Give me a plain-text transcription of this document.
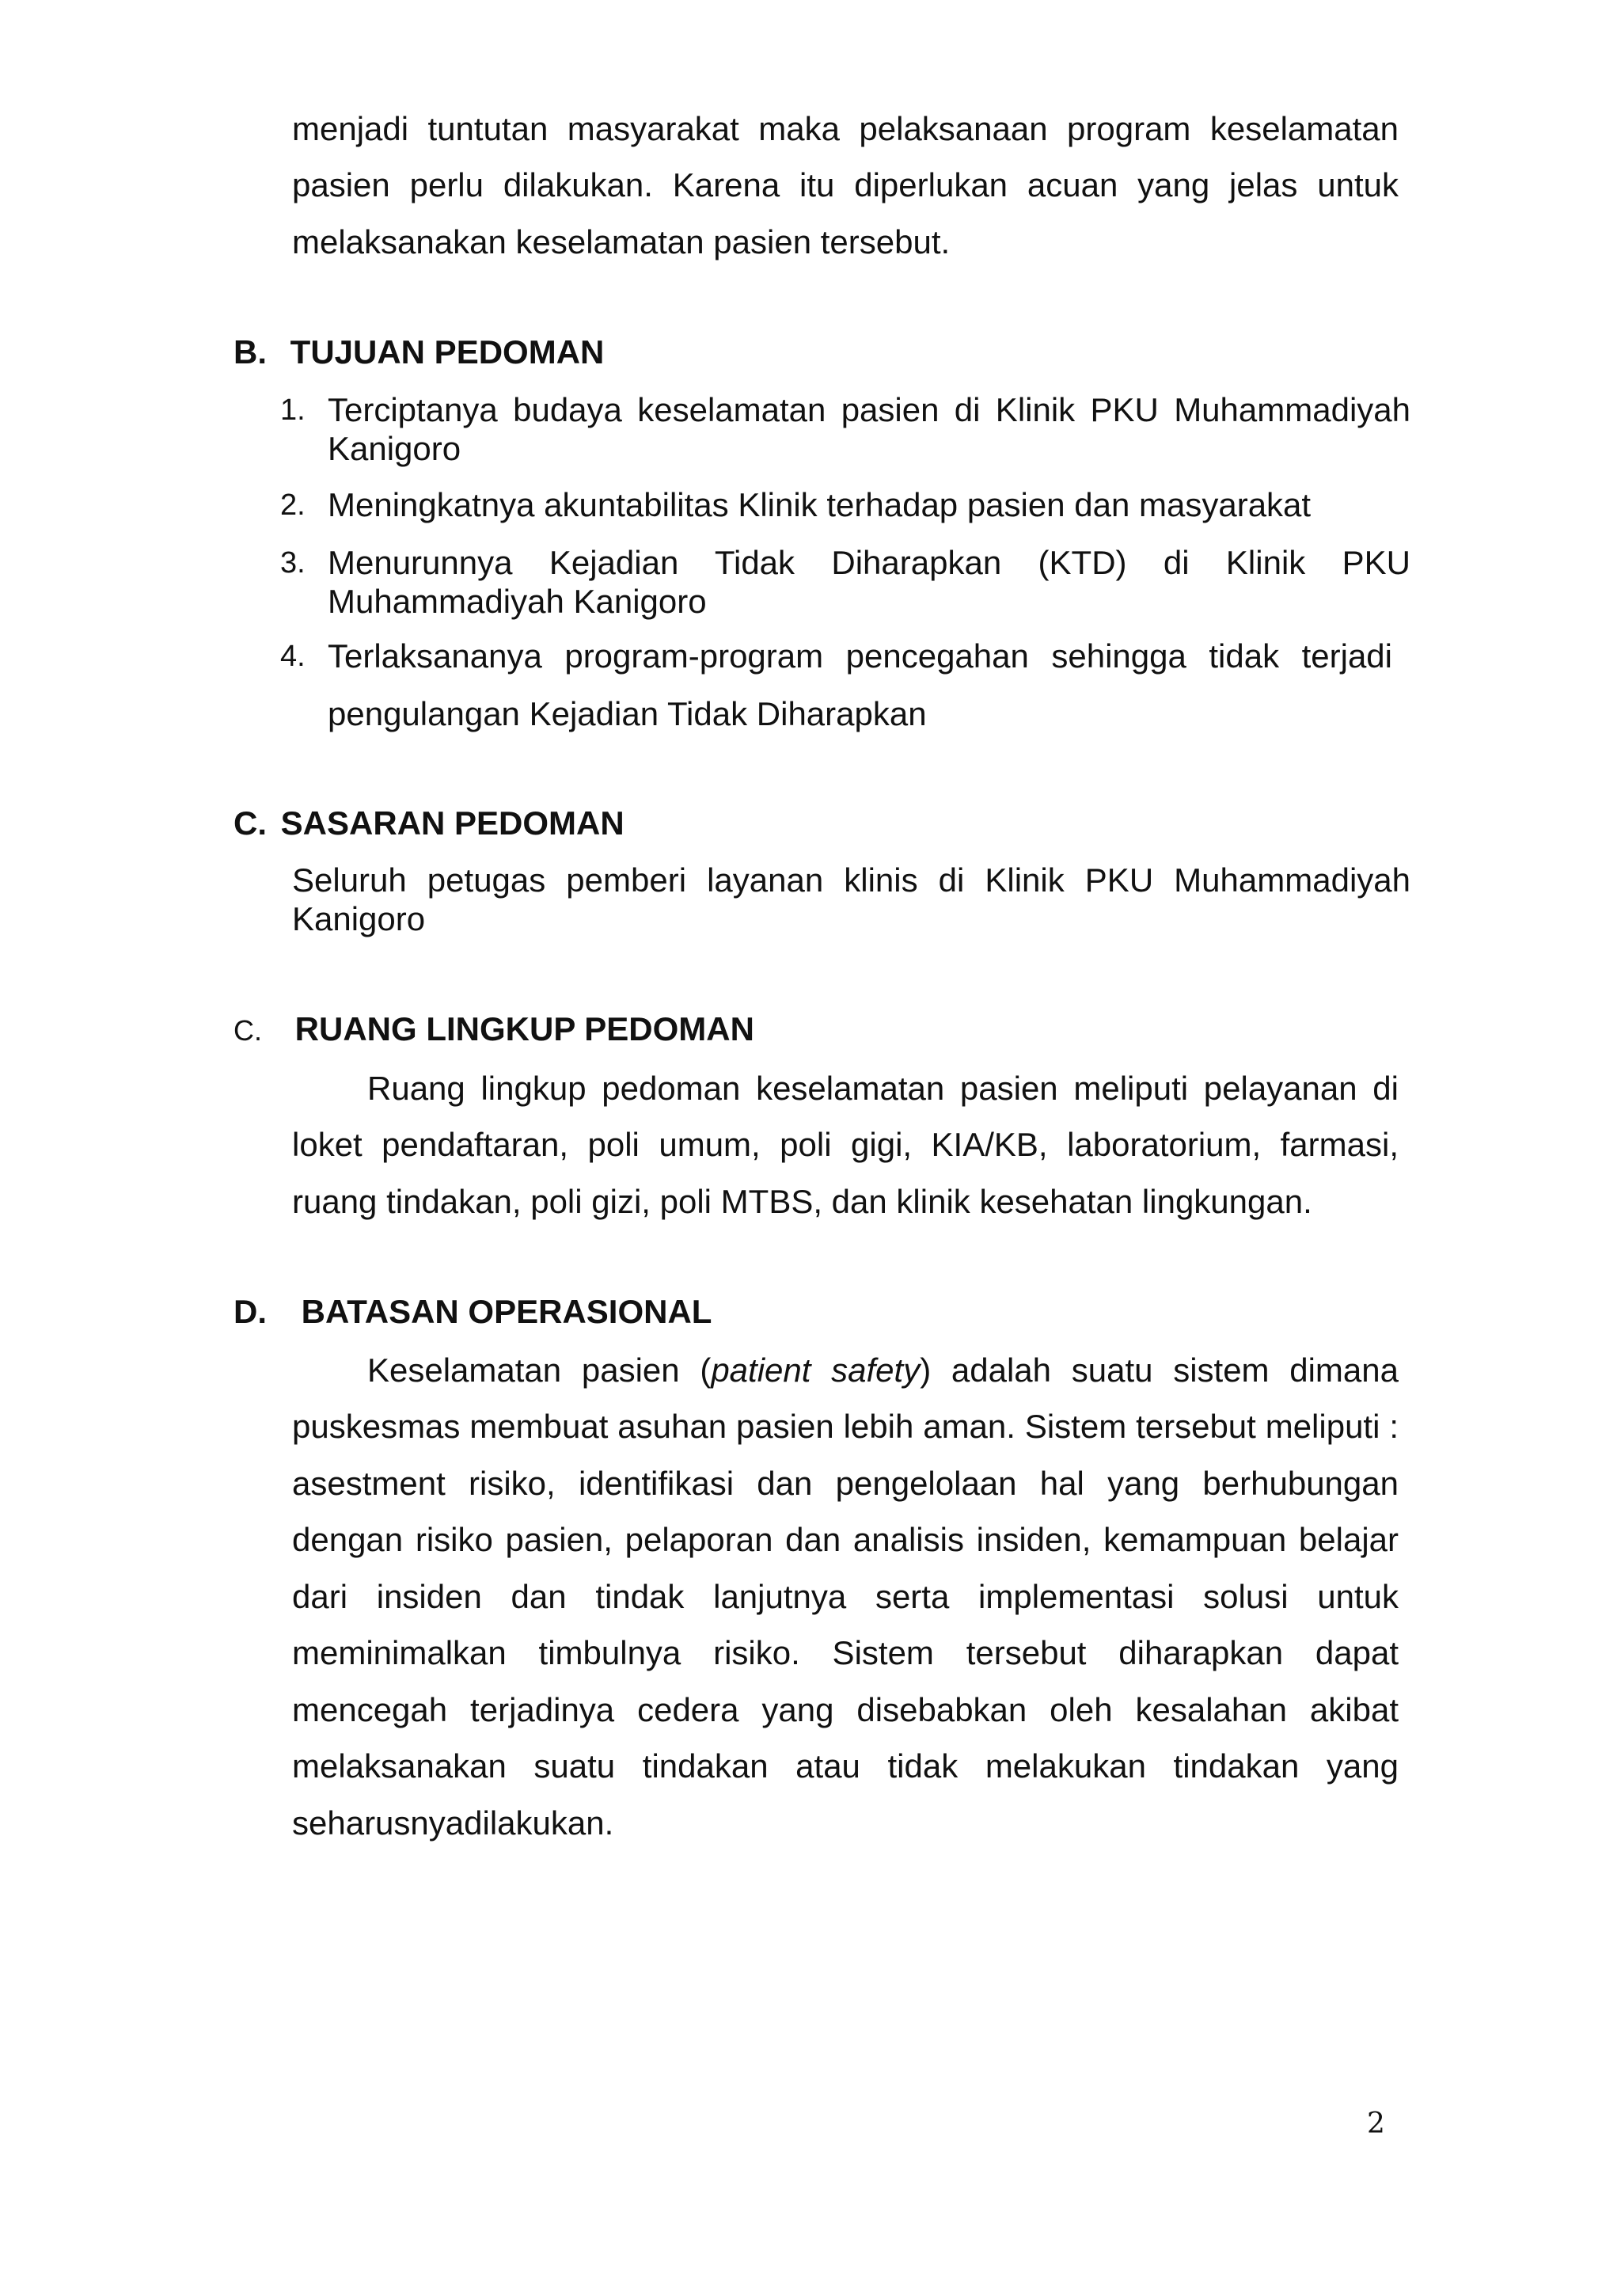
menjadi tuntutan masyarakat maka pelaksanaan program keselamatan
pasien perlu dilakukan. Karena itu diperlukan acuan yang jelas untuk
melaksanakan keselamatan pasien tersebut.
B. TUJUAN PEDOMAN
1. Terciptanya budaya keselamatan pasien di Klinik PKU Muhammadiyah
Kanigoro
2. Meningkatnya akuntabilitas Klinik terhadap pasien dan masyarakat
3. Menurunnya Kejadian Tidak Diharapkan (KTD) di Klinik PKU
Muhammadiyah Kanigoro
4. Terlaksananya program-program pencegahan sehingga tidak terjadi
pengulangan Kejadian Tidak Diharapkan
C. SASARAN PEDOMAN
Seluruh petugas pemberi layanan klinis di Klinik PKU Muhammadiyah
Kanigoro
C. RUANG LINGKUP PEDOMAN
Ruang lingkup pedoman keselamatan pasien meliputi pelayanan di
loket pendaftaran, poli umum, poli gigi, KIA/KB, laboratorium, farmasi,
ruang tindakan, poli gizi, poli MTBS, dan klinik kesehatan lingkungan.
D. BATASAN OPERASIONAL
Keselamatan pasien (patient safety) adalah suatu sistem dimana
puskesmas membuat asuhan pasien lebih aman. Sistem tersebut meliputi :
asestment risiko, identifikasi dan pengelolaan hal yang berhubungan
dengan risiko pasien, pelaporan dan analisis insiden, kemampuan belajar
dari insiden dan tindak lanjutnya serta implementasi solusi untuk
meminimalkan timbulnya risiko. Sistem tersebut diharapkan dapat
mencegah terjadinya cedera yang disebabkan oleh kesalahan akibat
melaksanakan suatu tindakan atau tidak melakukan tindakan yang
seharusnyadilakukan.
2
